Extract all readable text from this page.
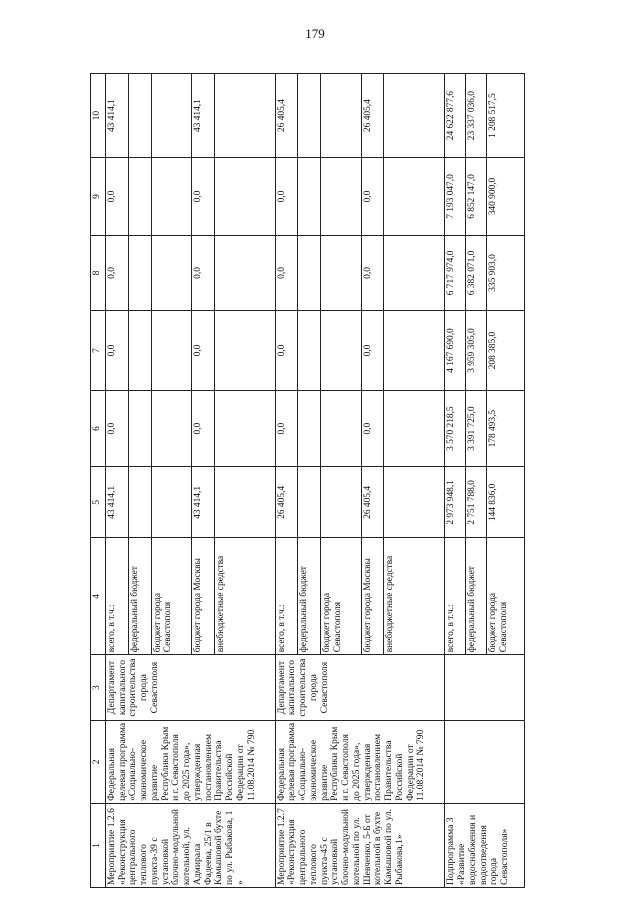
179
1	2	3	4	5	6	7	8	9	10
Мероприятие 1.2.6 «Реконструкция центрального теплового пункта-39 с установкой блочно-модульной котельной, ул. Адмирала Фадеева, 25/1 в Камышовой бухте по ул. Рыбакова, 1 »	Федеральная целевая программа «Социально-экономическое развитие Республики Крым и г. Севастополя до 2025 года», утвержденная постановлением Правительства Российской Федерации от 11.08.2014 № 790	Департамент капитального строительства города Севастополя	всего, в т.ч.:	43 414,1	0,0	0,0	0,0	0,0	43 414,1
			федеральный бюджет						
			бюджет города Севастополя						
			бюджет города Москвы	43 414,1	0,0	0,0	0,0	0,0	43 414,1
			внебюджетные средства						
Мероприятие 1.2.7 «Реконструкция центрального теплового пункта-45 с установкой блочно-модульной котельной по ул. Шевченко, 5-Б от котельной в бухте Камышовой по ул. Рыбакова,1»	Федеральная целевая программа «Социально-экономическое развитие Республики Крым и г. Севастополя до 2025 года», утвержденная постановлением Правительства Российской Федерации от 11.08.2014 № 790	Департамент капитального строительства города Севастополя	всего, в т.ч.:	26 405,4	0,0	0,0	0,0	0,0	26 405,4
			федеральный бюджет						
			бюджет города Севастополя						
			бюджет города Москвы	26 405,4	0,0	0,0	0,0	0,0	26 405,4
			внебюджетные средства						
Подпрограмма 3 «Развитие водоснабжения и водоотведения города Севастополя»			всего, в т.ч.:	2 973 948,1	3 570 218,5	4 167 690,0	6 717 974,0	7 193 047,0	24 622 877,6
			федеральный бюджет	2 751 788,0	3 391 725,0	3 959 305,0	6 382 071,0	6 852 147,0	23 337 036,0
			бюджет города Севастополя	144 836,0	178 493,5	208 385,0	335 903,0	340 900,0	1 208 517,5
